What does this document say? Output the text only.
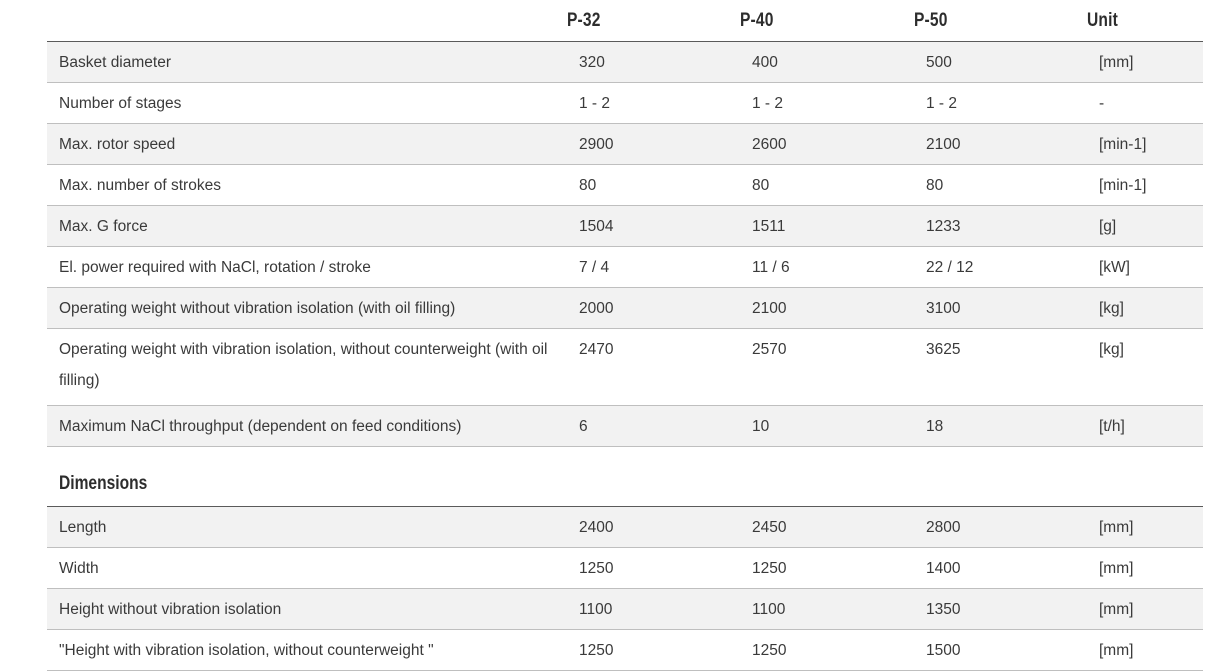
	P-32	P-40	P-50	Unit
Basket diameter	320	400	500	[mm]
Number of stages	1 - 2	1 - 2	1 - 2	-
Max. rotor speed	2900	2600	2100	[min-1]
Max. number of strokes	80	80	80	[min-1]
Max. G force	1504	1511	1233	[g]
El. power required with NaCl, rotation / stroke	7 / 4	11 / 6	22 / 12	[kW]
Operating weight without vibration isolation (with oil filling)	2000	2100	3100	[kg]
Operating weight with vibration isolation, without counterweight (with oil filling)	2470	2570	3625	[kg]
Maximum NaCl throughput (dependent on feed conditions)	6	10	18	[t/h]
Dimensions				
Length	2400	2450	2800	[mm]
Width	1250	1250	1400	[mm]
Height without vibration isolation	1100	1100	1350	[mm]
"Height with vibration isolation, without counterweight "	1250	1250	1500	[mm]
